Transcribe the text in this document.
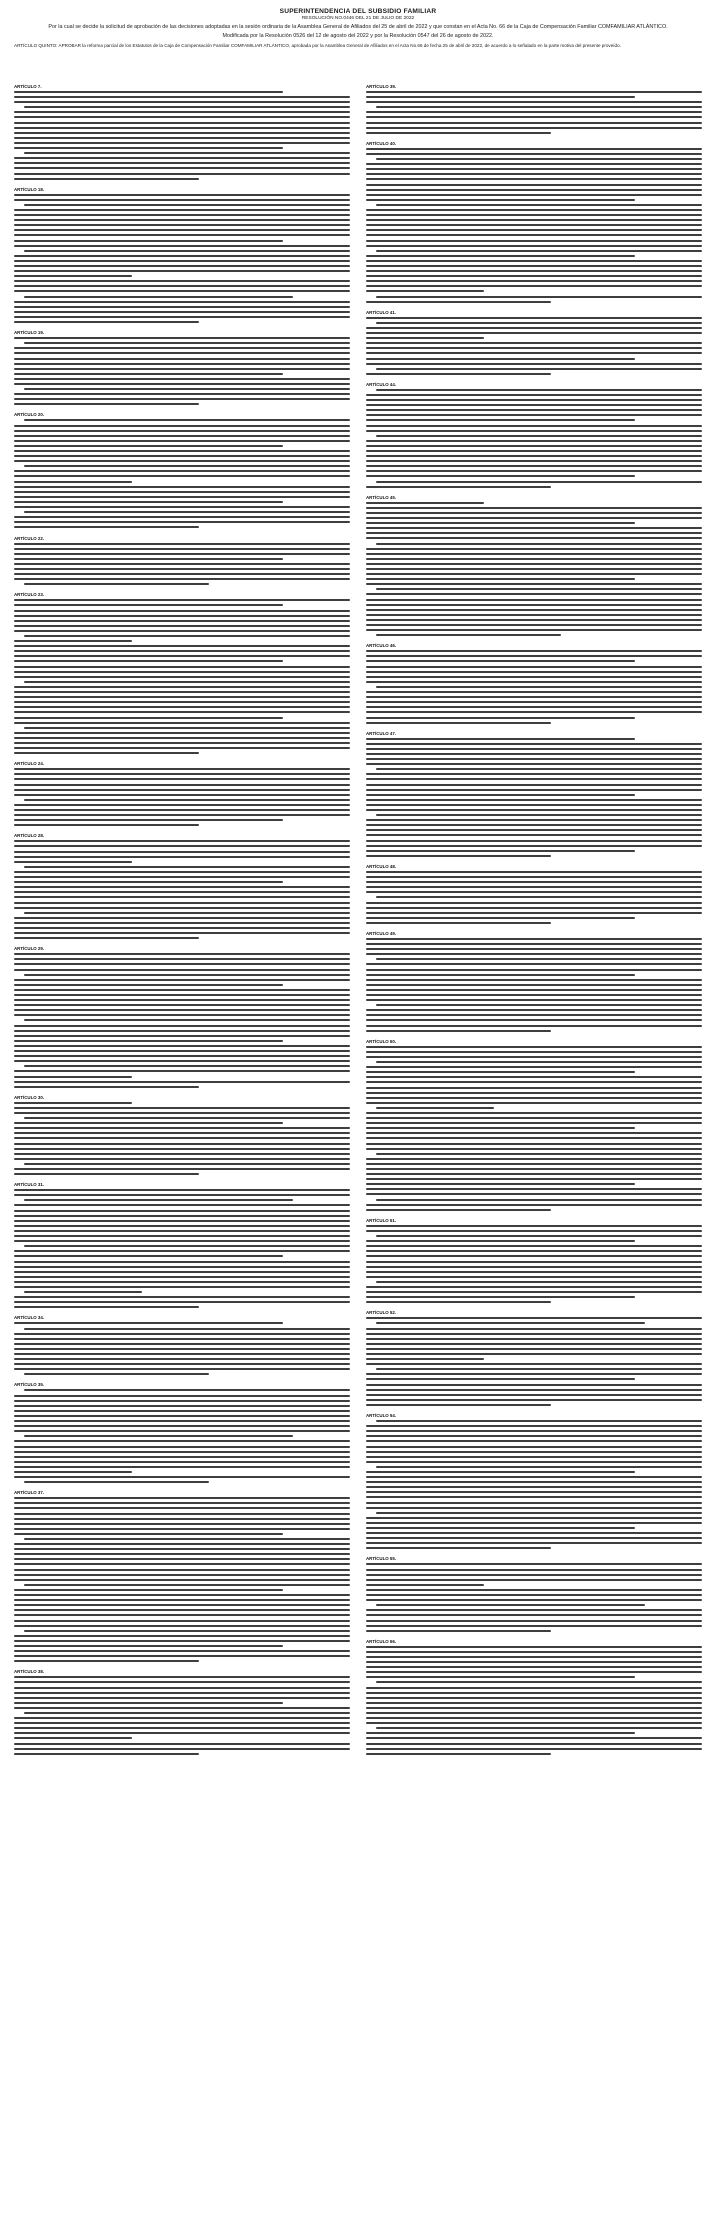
SUPERINTENDENCIA DEL SUBSIDIO FAMILIAR
RESOLUCIÓN NO.0446 DEL 21 DE JULIO DE 2022
Por la cual se decide la solicitud de aprobación de las decisiones adoptadas en la sesión ordinaria de la Asamblea General de Afiliados del 25 de abril de 2022 y que constan en el Acta No. 66 de la Caja de Compensación Familiar COMFAMILIAR ATLÁNTICO.
Modificada por la Resolución 0526 del 12 de agosto del 2022 y por la Resolución 0547 del 26 de agosto de 2022.
ARTÍCULO QUINTO: APROBAR la reforma parcial de los Estatutos de la Caja de Compensación Familiar COMFAMILIAR ATLÁNTICO, aprobada por la Asamblea General de Afiliados en el Acta No.66 de fecha 25 de abril de 2022, de acuerdo a lo señalado en la parte motiva del presente proveído.
ARTÍCULO 7.
ARTÍCULO 18.
ARTÍCULO 19.
ARTÍCULO 20.
ARTÍCULO 22.
ARTÍCULO 23.
ARTÍCULO 24.
ARTÍCULO 28.
ARTÍCULO 29.
ARTÍCULO 30.
ARTÍCULO 31.
ARTÍCULO 34.
ARTÍCULO 35.
ARTÍCULO 37.
ARTÍCULO 38.
ARTÍCULO 39.
ARTÍCULO 40.
ARTÍCULO 41.
ARTÍCULO 44.
ARTÍCULO 45.
ARTÍCULO 46.
ARTÍCULO 47.
ARTÍCULO 48.
ARTÍCULO 49.
ARTÍCULO 50.
ARTÍCULO 51.
ARTÍCULO 52.
ARTÍCULO 54.
ARTÍCULO 55.
ARTÍCULO 56.
